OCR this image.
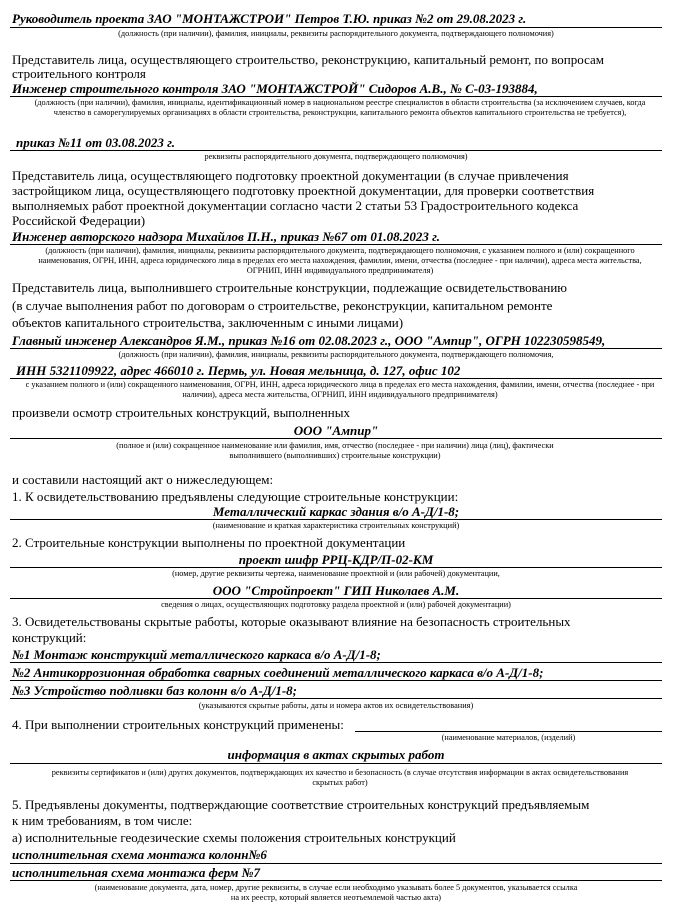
Руководитель проекта ЗАО "МОНТАЖСТРОИ" Петров Т.Ю. приказ №2 от 29.08.2023 г.
(должность (при наличии), фамилия, инициалы, реквизиты распорядительного документа, подтверждающего полномочия)
Представитель лица, осуществляющего строительство, реконструкцию, капитальный ремонт, по вопросам
строительного контроля
Инженер строительного контроля ЗАО "МОНТАЖСТРОЙ" Сидоров А.В., № С-03-193884,
(должность (при наличии), фамилия, инициалы, идентификационный номер в национальном реестре специалистов в области строительства (за исключением случаев, когда членство в саморегулируемых организациях в области строительства, реконструкции, капитального ремонта объектов капитального строительства не требуется),
приказ №11 от 03.08.2023 г.
реквизиты распорядительного документа, подтверждающего полномочия)
Представитель лица, осуществляющего подготовку проектной документации (в случае привлечения
застройщиком лица, осуществляющего подготовку проектной документации, для проверки соответствия
выполняемых работ проектной документации согласно части 2 статьи 53 Градостроительного кодекса
Российской Федерации)
Инженер авторского надзора Михайлов П.Н., приказ №67 от 01.08.2023 г.
(должность (при наличии), фамилия, инициалы, реквизиты распорядительного документа, подтверждающего полномочия, с указанием полного и (или) сокращенного наименования, ОГРН, ИНН, адреса юридического лица в пределах его места нахождения, фамилии, имени, отчества (последнее - при наличии), адреса места жительства, ОГРНИП, ИНН индивидуального предпринимателя)
Представитель лица, выполнившего строительные конструкции, подлежащие освидетельствованию
(в случае выполнения работ по договорам о строительстве, реконструкции, капитальном ремонте
объектов капитального строительства, заключенным с иными лицами)
Главный инженер Александров Я.М., приказ №16 от 02.08.2023 г., ООО "Ампир", ОГРН 102230598549,
(должность (при наличии), фамилия, инициалы, реквизиты распорядительного документа, подтверждающего полномочия,
ИНН 5321109922, адрес 466010 г. Пермь, ул. Новая мельница, д. 127, офис 102
с указанием полного и (или) сокращенного наименования, ОГРН, ИНН, адреса юридического лица в пределах его места нахождения, фамилии, имени, отчества (последнее - при наличии), адреса места жительства, ОГРНИП, ИНН индивидуального предпринимателя)
произвели осмотр строительных конструкций, выполненных
ООО "Ампир"
(полное и (или) сокращенное наименование или фамилия, имя, отчество (последнее - при наличии) лица (лиц), фактически выполнившего (выполнивших) строительные конструкции)
и составили настоящий акт о нижеследующем:
1. К освидетельствованию предъявлены следующие строительные конструкции:
Металлический каркас здания в/о А-Д/1-8;
(наименование и краткая характеристика строительных конструкций)
2. Строительные конструкции выполнены по проектной документации
проект шифр РРЦ-КДР/П-02-КМ
(номер, другие реквизиты чертежа, наименование проектной и (или рабочей) документации,
ООО "Стройпроект" ГИП Николаев А.М.
сведения о лицах, осуществляющих подготовку раздела проектной и (или) рабочей документации)
3. Освидетельствованы скрытые работы, которые оказывают влияние на безопасность строительных
конструкций:
№1 Монтаж конструкций металлического каркаса в/о А-Д/1-8;
№2 Антикоррозионная обработка сварных соединений металлического каркаса в/о А-Д/1-8;
№3 Устройство подливки баз колонн в/о А-Д/1-8;
(указываются скрытые работы, даты и номера актов их освидетельствования)
4. При выполнении строительных конструкций применены:
(наименование материалов, (изделий)
информация в актах скрытых работ
реквизиты сертификатов и (или) других документов, подтверждающих их качество и безопасность (в случае отсутствия информации в актах освидетельствования скрытых работ)
5. Предъявлены документы, подтверждающие соответствие строительных конструкций предъявляемым
к ним требованиям, в том числе:
а) исполнительные геодезические схемы положения строительных конструкций
исполнительная схема монтажа колонн№6
исполнительная схема монтажа ферм №7
(наименование документа, дата, номер, другие реквизиты, в случае если необходимо указывать более 5 документов, указывается ссылка на их реестр, который является неотъемлемой частью акта)
